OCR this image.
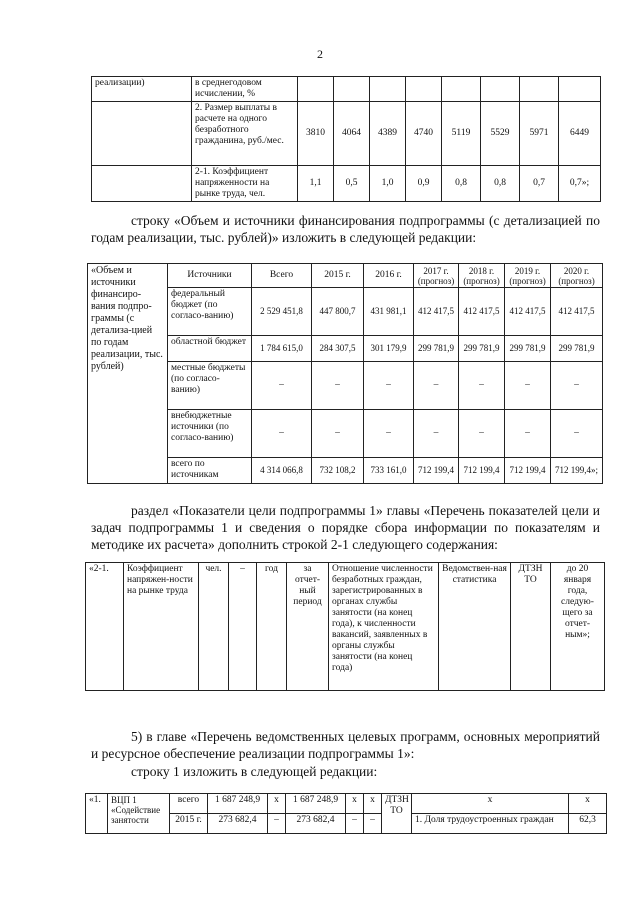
2
реализации)	в среднегодовом исчислении, %								
	2. Размер выплаты в расчете на одного безработного гражданина, руб./мес.	3810	4064	4389	4740	5119	5529	5971	6449
	2-1. Коэффициент напряженности на рынке труда, чел.	1,1	0,5	1,0	0,9	0,8	0,8	0,7	0,7»;
строку «Объем и источники финансирования подпрограммы (с детализацией по годам реализации, тыс. рублей)» изложить в следующей редакции:
«Объем и источники финансиро-вания подпро-граммы (с детализа-цией по годам реализации, тыс. рублей)	Источники	Всего	2015 г.	2016 г.	2017 г. (прогноз)	2018 г. (прогноз)	2019 г. (прогноз)	2020 г. (прогноз)
	федеральный бюджет (по согласо-ванию)	2 529 451,8	447 800,7	431 981,1	412 417,5	412 417,5	412 417,5	412 417,5
	областной бюджет	1 784 615,0	284 307,5	301 179,9	299 781,9	299 781,9	299 781,9	299 781,9
	местные бюджеты (по согласо-ванию)	–	–	–	–	–	–	–
	внебюджетные источники (по согласо-ванию)	–	–	–	–	–	–	–
	всего по источникам	4 314 066,8	732 108,2	733 161,0	712 199,4	712 199,4	712 199,4	712 199,4»;
раздел «Показатели цели подпрограммы 1» главы «Перечень показателей цели и задач подпрограммы 1 и сведения о порядке сбора информации по показателям и методике их расчета» дополнить строкой 2-1 следующего содержания:
«2-1.	Коэффициент напряжен-ности на рынке труда	чел.	–	год	за отчет-ный период	Отношение численности безработных граждан, зарегистрированных в органах службы занятости (на конец года), к численности вакансий, заявленных в органы службы занятости (на конец года)	Ведомствен-ная статистика	ДТЗН ТО	до 20 января года, следую-щего за отчет-ным»;
5) в главе «Перечень ведомственных целевых программ, основных мероприятий и ресурсное обеспечение реализации подпрограммы 1»:
строку 1 изложить в следующей редакции:
«1.	ВЦП 1 «Содействие занятости	всего	1 687 248,9	х	1 687 248,9	х	х	ДТЗН ТО	х	х
		2015 г.	273 682,4	–	273 682,4	–	–		1. Доля трудоустроенных граждан	62,3
